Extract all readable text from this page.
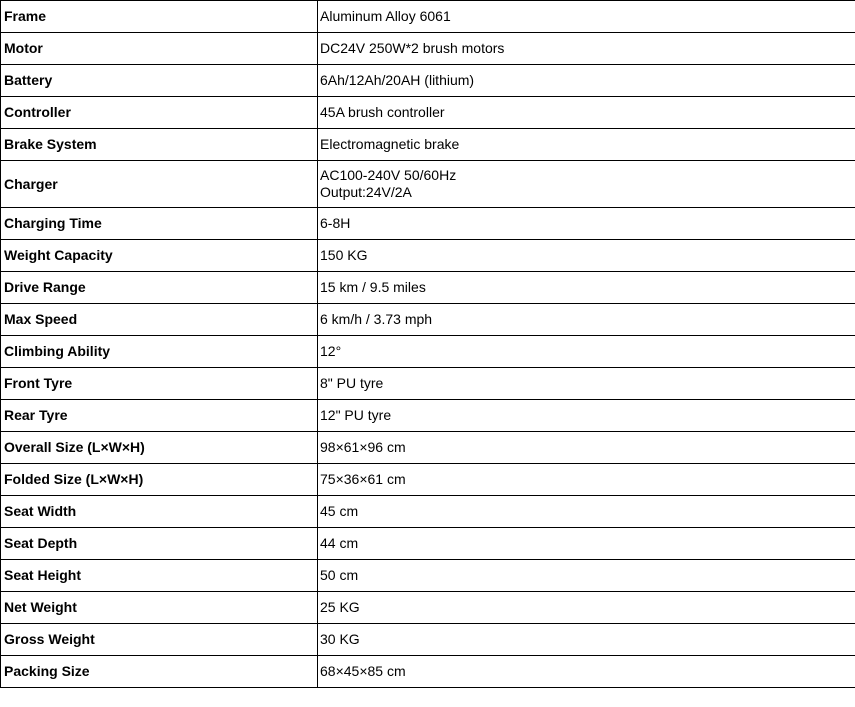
Frame	Aluminum Alloy 6061
Motor	DC24V 250W*2 brush motors
Battery	6Ah/12Ah/20AH (lithium)
Controller	45A brush controller
Brake System	Electromagnetic brake
Charger	AC100-240V 50/60Hz
Output:24V/2A

Charging Time	6-8H
Weight Capacity	150 KG
Drive Range	15 km / 9.5 miles
Max Speed	6 km/h / 3.73 mph
Climbing Ability	12°
Front Tyre	8" PU tyre
Rear Tyre	12" PU tyre
Overall Size (L×W×H)	98×61×96 cm
Folded Size (L×W×H)	75×36×61 cm
Seat Width	45 cm
Seat Depth	44 cm
Seat Height	50 cm
Net Weight	25 KG
Gross Weight	30 KG
Packing Size	68×45×85 cm
